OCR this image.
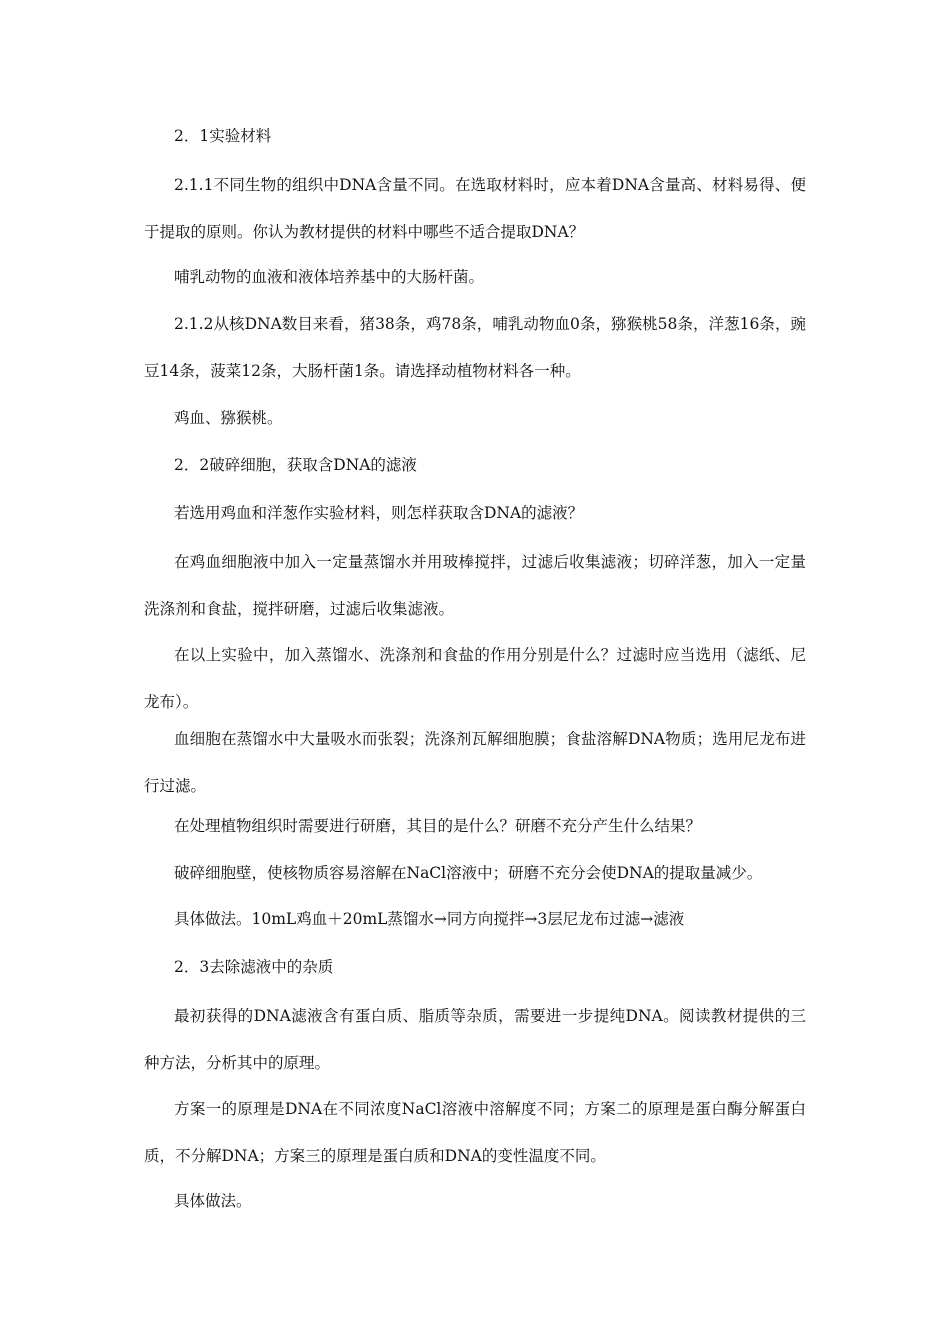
2．1实验材料

2.1.1不同生物的组织中DNA含量不同。在选取材料时，应本着DNA含量高、材料易得、便于提取的原则。你认为教材提供的材料中哪些不适合提取DNA？

哺乳动物的血液和液体培养基中的大肠杆菌。

2.1.2从核DNA数目来看，猪38条，鸡78条，哺乳动物血0条，猕猴桃58条，洋葱16条，豌豆14条，菠菜12条，大肠杆菌1条。请选择动植物材料各一种。

鸡血、猕猴桃。

2．2破碎细胞，获取含DNA的滤液

若选用鸡血和洋葱作实验材料，则怎样获取含DNA的滤液？

在鸡血细胞液中加入一定量蒸馏水并用玻棒搅拌，过滤后收集滤液；切碎洋葱，加入一定量洗涤剂和食盐，搅拌研磨，过滤后收集滤液。

在以上实验中，加入蒸馏水、洗涤剂和食盐的作用分别是什么？过滤时应当选用（滤纸、尼龙布）。

血细胞在蒸馏水中大量吸水而张裂；洗涤剂瓦解细胞膜；食盐溶解DNA物质；选用尼龙布进行过滤。

在处理植物组织时需要进行研磨，其目的是什么？研磨不充分产生什么结果？

破碎细胞壁，使核物质容易溶解在NaCl溶液中；研磨不充分会使DNA的提取量减少。

具体做法。10mL鸡血＋20mL蒸馏水→同方向搅拌→3层尼龙布过滤→滤液

2．3去除滤液中的杂质

最初获得的DNA滤液含有蛋白质、脂质等杂质，需要进一步提纯DNA。阅读教材提供的三种方法，分析其中的原理。

方案一的原理是DNA在不同浓度NaCl溶液中溶解度不同；方案二的原理是蛋白酶分解蛋白质，不分解DNA；方案三的原理是蛋白质和DNA的变性温度不同。

具体做法。
